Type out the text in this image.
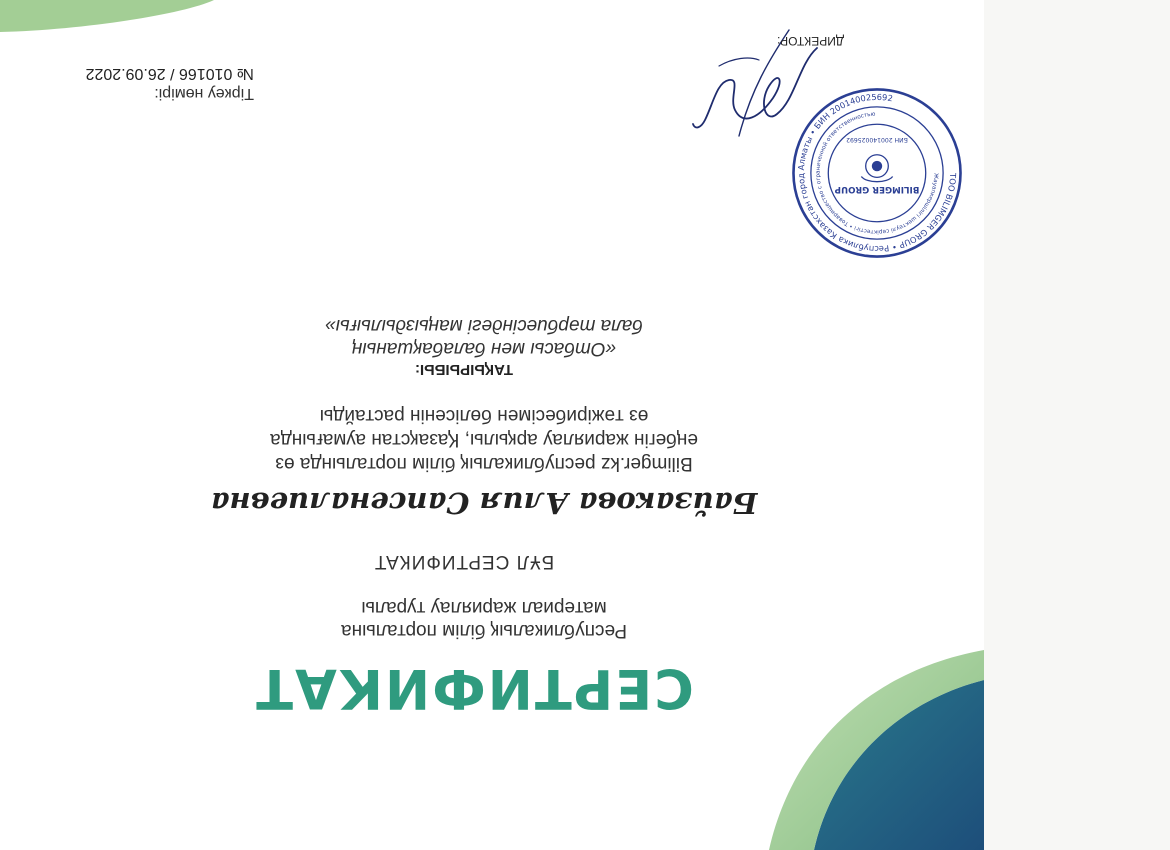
СЕРТИФИКАТ
Республикалық білім порталына
материал жариялау туралы
БҰЛ СЕРТИФИКАТ
Байзакова Алия Сапсеналиевна
Bilimger.kz республикалық білім порталында өз
еңбегін жариялау арқылы, Қазақстан аумағында
өз тәжірибесімен бөлісенін растайды
ТАҚЫРЫБЫ:
«Отбасы мен балабақшаның
бала тәрбиесіндегі маңыздылығы»
ТОО BILIMGER GROUP • Республика Казахстан город Алматы • БИН 200140025692
Жауапкершілігі шектеулі серіктестігі • Товарищество с ограниченной ответственностью
BILIMGER GROUP
БИН 200140025692
ДИРЕКТОР:
Тіркеу нөмірі:
№ 010166 / 26.09.2022
